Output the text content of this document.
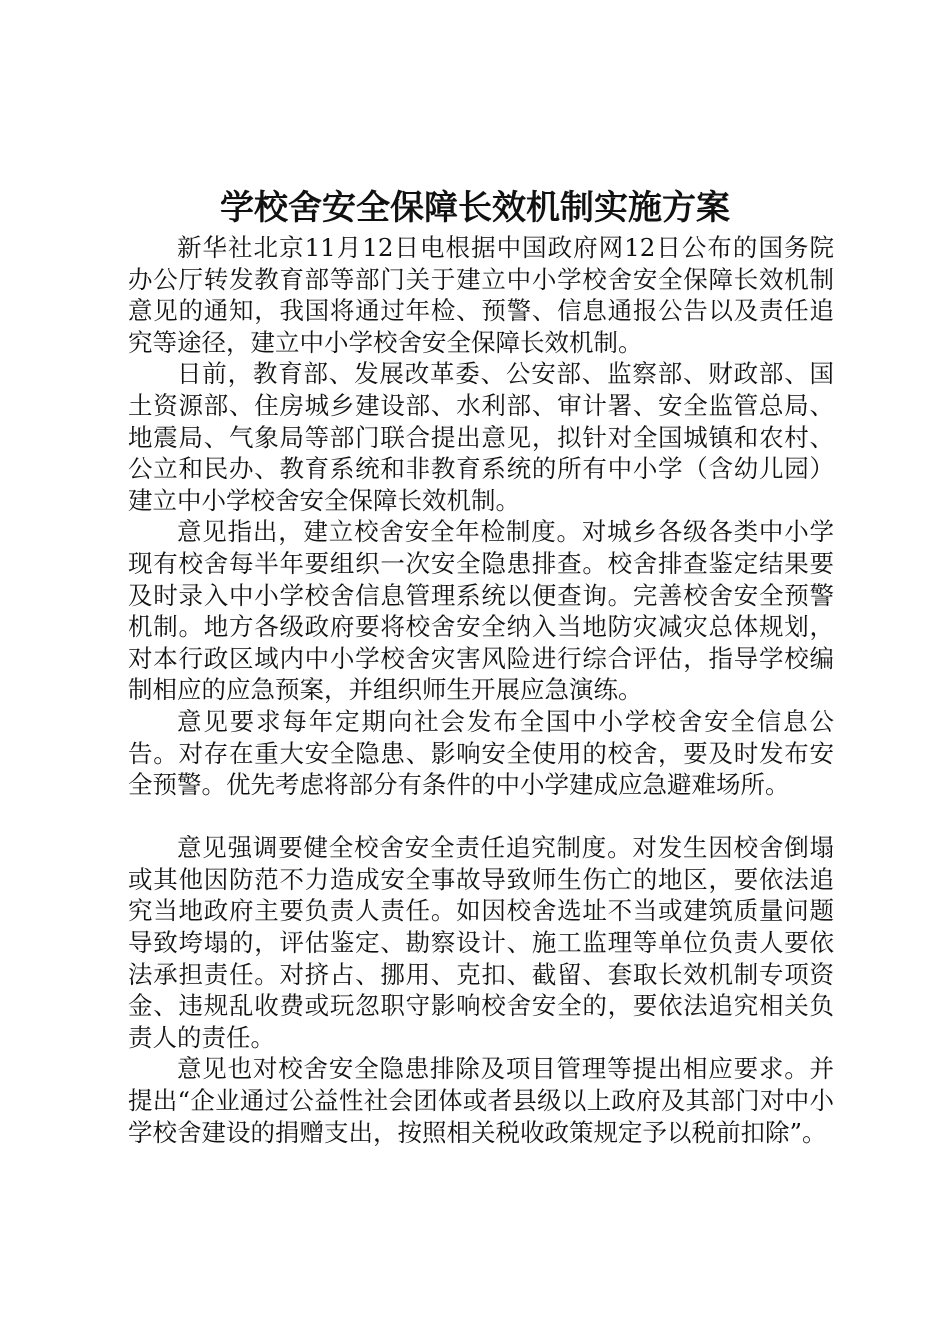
学校舍安全保障长效机制实施方案

新华社北京11月12日电根据中国政府网12日公布的国务院办公厅转发教育部等部门关于建立中小学校舍安全保障长效机制意见的通知，我国将通过年检、预警、信息通报公告以及责任追究等途径，建立中小学校舍安全保障长效机制。

日前，教育部、发展改革委、公安部、监察部、财政部、国土资源部、住房城乡建设部、水利部、审计署、安全监管总局、地震局、气象局等部门联合提出意见，拟针对全国城镇和农村、公立和民办、教育系统和非教育系统的所有中小学（含幼儿园）建立中小学校舍安全保障长效机制。

意见指出，建立校舍安全年检制度。对城乡各级各类中小学现有校舍每半年要组织一次安全隐患排查。校舍排查鉴定结果要及时录入中小学校舍信息管理系统以便查询。完善校舍安全预警机制。地方各级政府要将校舍安全纳入当地防灾减灾总体规划，对本行政区域内中小学校舍灾害风险进行综合评估，指导学校编制相应的应急预案，并组织师生开展应急演练。

意见要求每年定期向社会发布全国中小学校舍安全信息公告。对存在重大安全隐患、影响安全使用的校舍，要及时发布安全预警。优先考虑将部分有条件的中小学建成应急避难场所。

意见强调要健全校舍安全责任追究制度。对发生因校舍倒塌或其他因防范不力造成安全事故导致师生伤亡的地区，要依法追究当地政府主要负责人责任。如因校舍选址不当或建筑质量问题导致垮塌的，评估鉴定、勘察设计、施工监理等单位负责人要依法承担责任。对挤占、挪用、克扣、截留、套取长效机制专项资金、违规乱收费或玩忽职守影响校舍安全的，要依法追究相关负责人的责任。

意见也对校舍安全隐患排除及项目管理等提出相应要求。并提出“企业通过公益性社会团体或者县级以上政府及其部门对中小学校舍建设的捐赠支出，按照相关税收政策规定予以税前扣除”。
